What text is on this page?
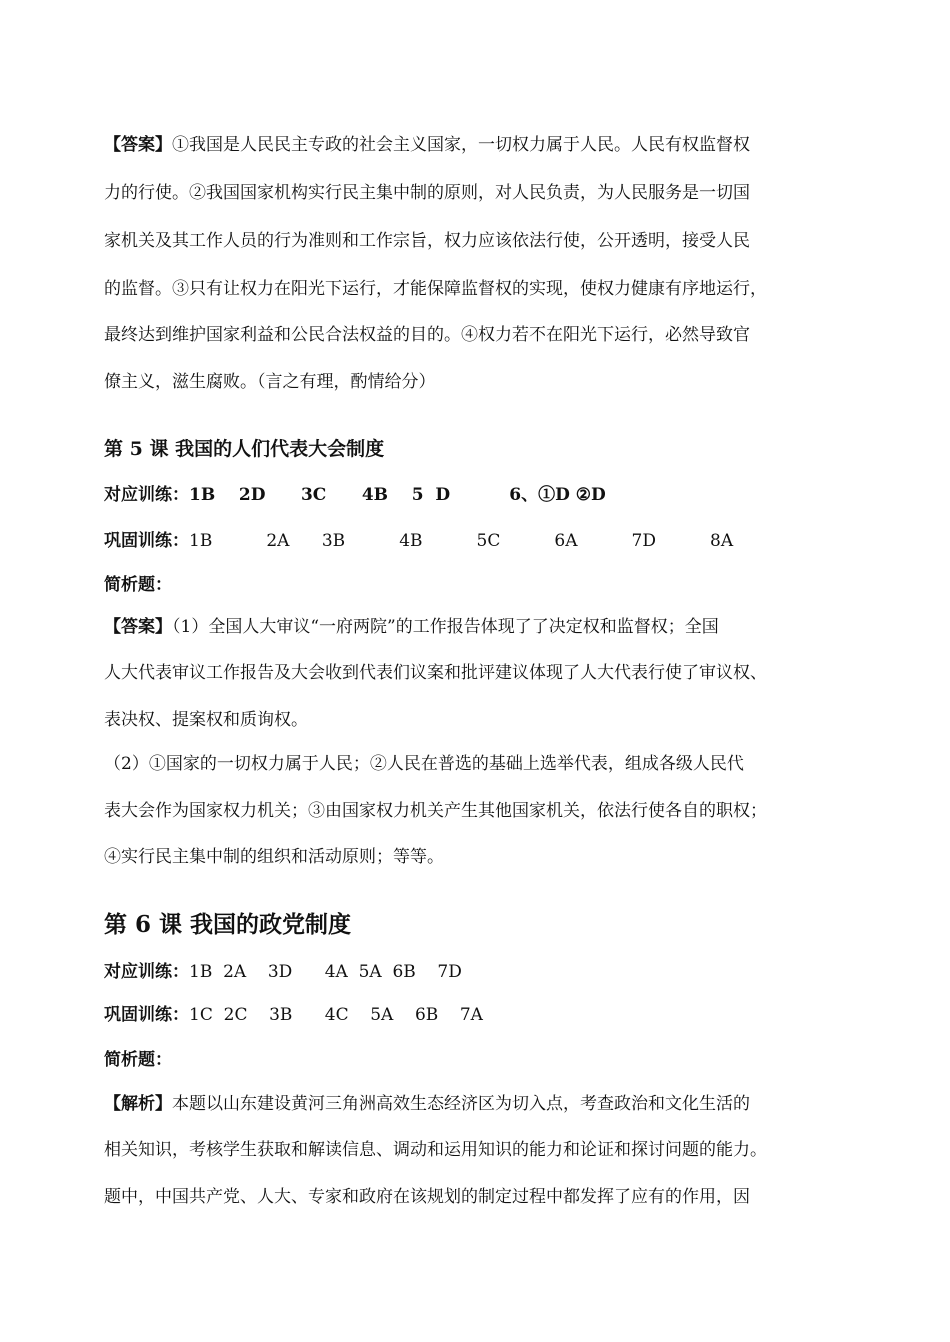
【答案】①我国是人民民主专政的社会主义国家，一切权力属于人民。人民有权监督权
力的行使。②我国国家机构实行民主集中制的原则，对人民负责，为人民服务是一切国
家机关及其工作人员的行为准则和工作宗旨，权力应该依法行使，公开透明，接受人民
的监督。③只有让权力在阳光下运行，才能保障监督权的实现，使权力健康有序地运行，
最终达到维护国家利益和公民合法权益的目的。④权力若不在阳光下运行，必然导致官
僚主义，滋生腐败。（言之有理，酌情给分）
第 5 课 我国的人们代表大会制度
对应训练：1B    2D      3C      4B    5  D          6、①D ②D
巩固训练：1B          2A      3B          4B          5C          6A          7D          8A
简析题：
【答案】（1）全国人大审议“一府两院”的工作报告体现了了决定权和监督权；全国
人大代表审议工作报告及大会收到代表们议案和批评建议体现了人大代表行使了审议权、
表决权、提案权和质询权。
（2）①国家的一切权力属于人民；②人民在普选的基础上选举代表，组成各级人民代
表大会作为国家权力机关；③由国家权力机关产生其他国家机关，依法行使各自的职权；
④实行民主集中制的组织和活动原则；等等。
第 6 课 我国的政党制度
对应训练：1B  2A    3D      4A  5A  6B    7D
巩固训练：1C  2C    3B      4C    5A    6B    7A
简析题：
【解析】本题以山东建设黄河三角洲高效生态经济区为切入点，考查政治和文化生活的
相关知识，考核学生获取和解读信息、调动和运用知识的能力和论证和探讨问题的能力。
题中，中国共产党、人大、专家和政府在该规划的制定过程中都发挥了应有的作用，因
